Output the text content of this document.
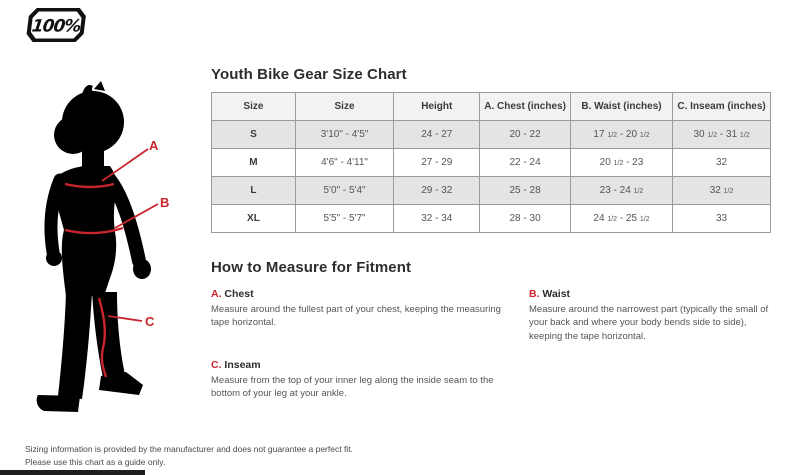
100%
A
B
C
Youth Bike Gear Size Chart
Size	Size	Height	A. Chest (inches)	B. Waist (inches)	C. Inseam (inches)
S	3'10" - 4'5"	24 - 27	20 - 22	17 1/2 - 20 1/2	30 1/2 - 31 1/2
M	4'6" - 4'11"	27 - 29	22 - 24	20 1/2 - 23	32
L	5'0" - 5'4"	29 - 32	25 - 28	23 - 24 1/2	32 1/2
XL	5'5" - 5'7"	32 - 34	28 - 30	24 1/2 - 25 1/2	33
How to Measure for Fitment
A. Chest

Measure around the fullest part of your chest, keeping the measuring tape horizontal.

B. Waist

Measure around the narrowest part (typically the small of your back and where your body bends side to side), keeping the tape horizontal.

C. Inseam

Measure from the top of your inner leg along the inside seam to the bottom of your leg at your ankle.

Sizing information is provided by the manufacturer and does not guarantee a perfect fit.
Please use this chart as a guide only.
